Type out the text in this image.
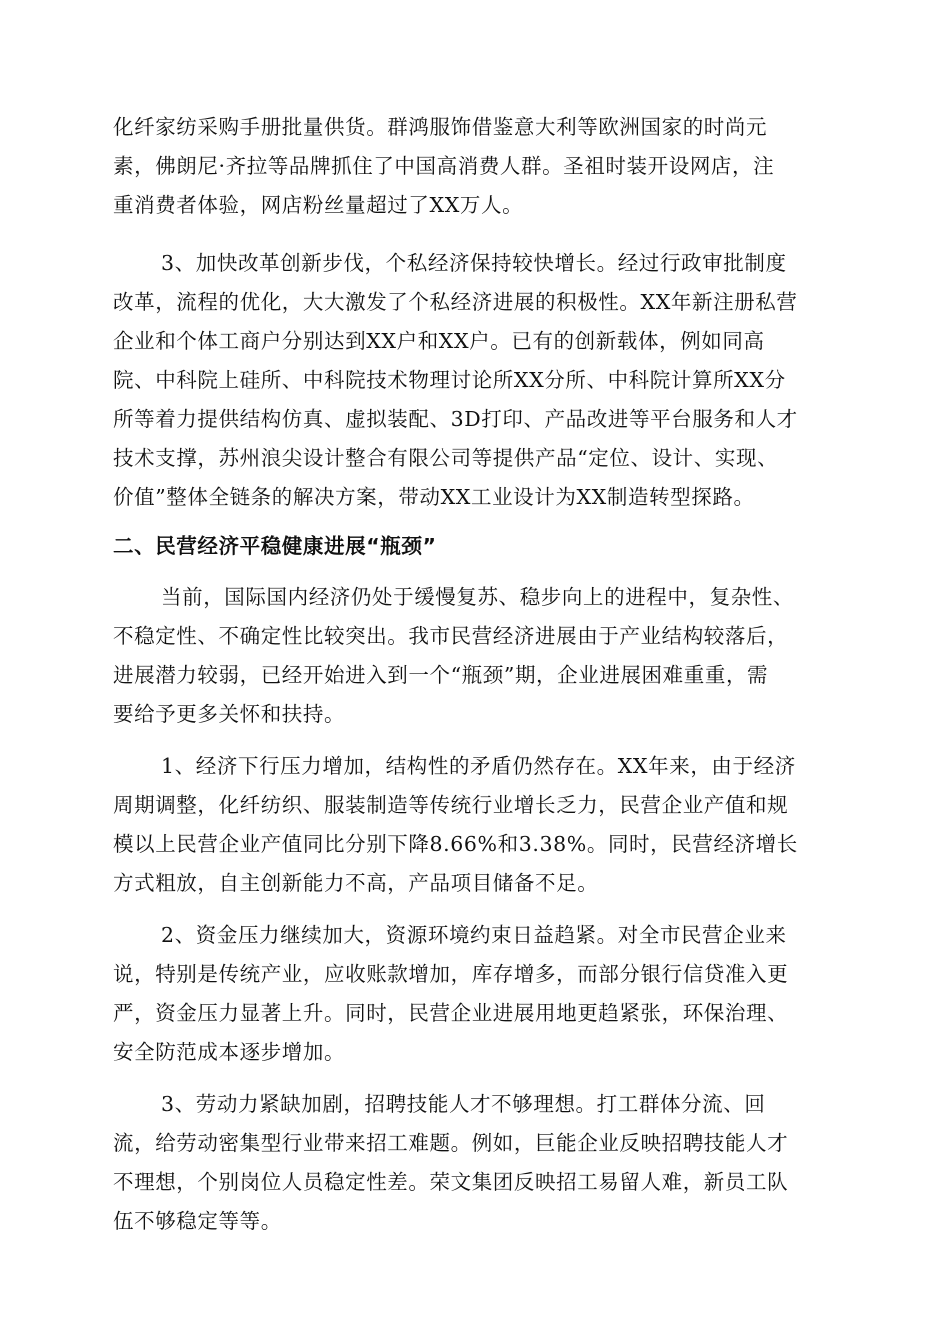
化纤家纺采购手册批量供货。群鸿服饰借鉴意大利等欧洲国家的时尚元
素，佛朗尼·齐拉等品牌抓住了中国高消费人群。圣祖时装开设网店，注
重消费者体验，网店粉丝量超过了XX万人。
3、加快改革创新步伐，个私经济保持较快增长。经过行政审批制度
改革，流程的优化，大大激发了个私经济进展的积极性。XX年新注册私营
企业和个体工商户分别达到XX户和XX户。已有的创新载体，例如同高
院、中科院上硅所、中科院技术物理讨论所XX分所、中科院计算所XX分
所等着力提供结构仿真、虚拟装配、3D打印、产品改进等平台服务和人才
技术支撑，苏州浪尖设计整合有限公司等提供产品“定位、设计、实现、
价值”整体全链条的解决方案，带动XX工业设计为XX制造转型探路。
二、民营经济平稳健康进展“瓶颈”
当前，国际国内经济仍处于缓慢复苏、稳步向上的进程中，复杂性、
不稳定性、不确定性比较突出。我市民营经济进展由于产业结构较落后，
进展潜力较弱，已经开始进入到一个“瓶颈”期，企业进展困难重重，需
要给予更多关怀和扶持。
1、经济下行压力增加，结构性的矛盾仍然存在。XX年来，由于经济
周期调整，化纤纺织、服装制造等传统行业增长乏力，民营企业产值和规
模以上民营企业产值同比分别下降8.66%和3.38%。同时，民营经济增长
方式粗放，自主创新能力不高，产品项目储备不足。
2、资金压力继续加大，资源环境约束日益趋紧。对全市民营企业来
说，特别是传统产业，应收账款增加，库存增多，而部分银行信贷准入更
严，资金压力显著上升。同时，民营企业进展用地更趋紧张，环保治理、
安全防范成本逐步增加。
3、劳动力紧缺加剧，招聘技能人才不够理想。打工群体分流、回
流，给劳动密集型行业带来招工难题。例如，巨能企业反映招聘技能人才
不理想，个别岗位人员稳定性差。荣文集团反映招工易留人难，新员工队
伍不够稳定等等。
